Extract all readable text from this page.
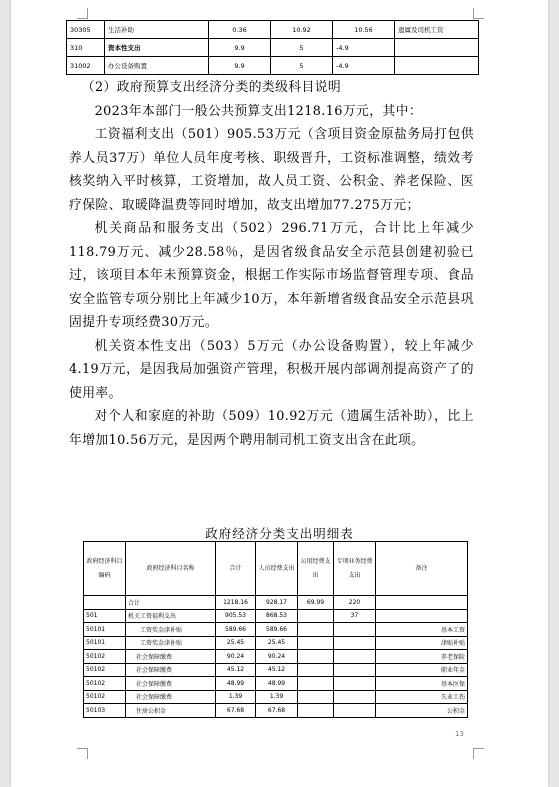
30305	生活补助	0.36	10.92	10.56	遗属及司机工资
310	资本性支出	9.9	5	-4.9	
31002	办公设备购置	9.9	5	-4.9	

（2）政府预算支出经济分类的类级科目说明

2023年本部门一般公共预算支出1218.16万元，其中：

工资福利支出（501）905.53万元（含项目资金原盐务局打包供养人员37万）单位人员年度考核、职级晋升，工资标准调整，绩效考核奖纳入平时核算，工资增加，故人员工资、公积金、养老保险、医疗保险、取暖降温费等同时增加，故支出增加77.275万元；

机关商品和服务支出（502）296.71万元，合计比上年减少118.79万元、减少28.58％，是因省级食品安全示范县创建初验已过，该项目本年未预算资金，根据工作实际市场监督管理专项、食品安全监管专项分别比上年减少10万，本年新增省级食品安全示范县巩固提升专项经费30万元。

机关资本性支出（503）5万元（办公设备购置），较上年减少4.19万元，是因我局加强资产管理，积极开展内部调剂提高资产了的使用率。

对个人和家庭的补助（509）10.92万元（遗属生活补助），比上年增加10.56万元，是因两个聘用制司机工资支出含在此项。

政府经济分类支出明细表
政府经济科目编码	政府经济科目名称	合计	人员经费支出	公用经费支出	专项业务经费支出	备注
	合计	1218.16	928.17	69.99	220	
501	机关工资福利支出	905.53	868.53		37	
50101	工资奖金津补贴	589.66	589.66			基本工资
50101	工资奖金津补贴	25.45	25.45			津贴补贴
50102	社会保障缴费	90.24	90.24			养老保险
50102	社会保障缴费	45.12	45.12			职业年金
50102	社会保障缴费	48.99	48.99			基本医保
50102	社会保障缴费	1.39	1.39			失业工伤
50103	住房公积金	67.68	67.68			公积金
13
